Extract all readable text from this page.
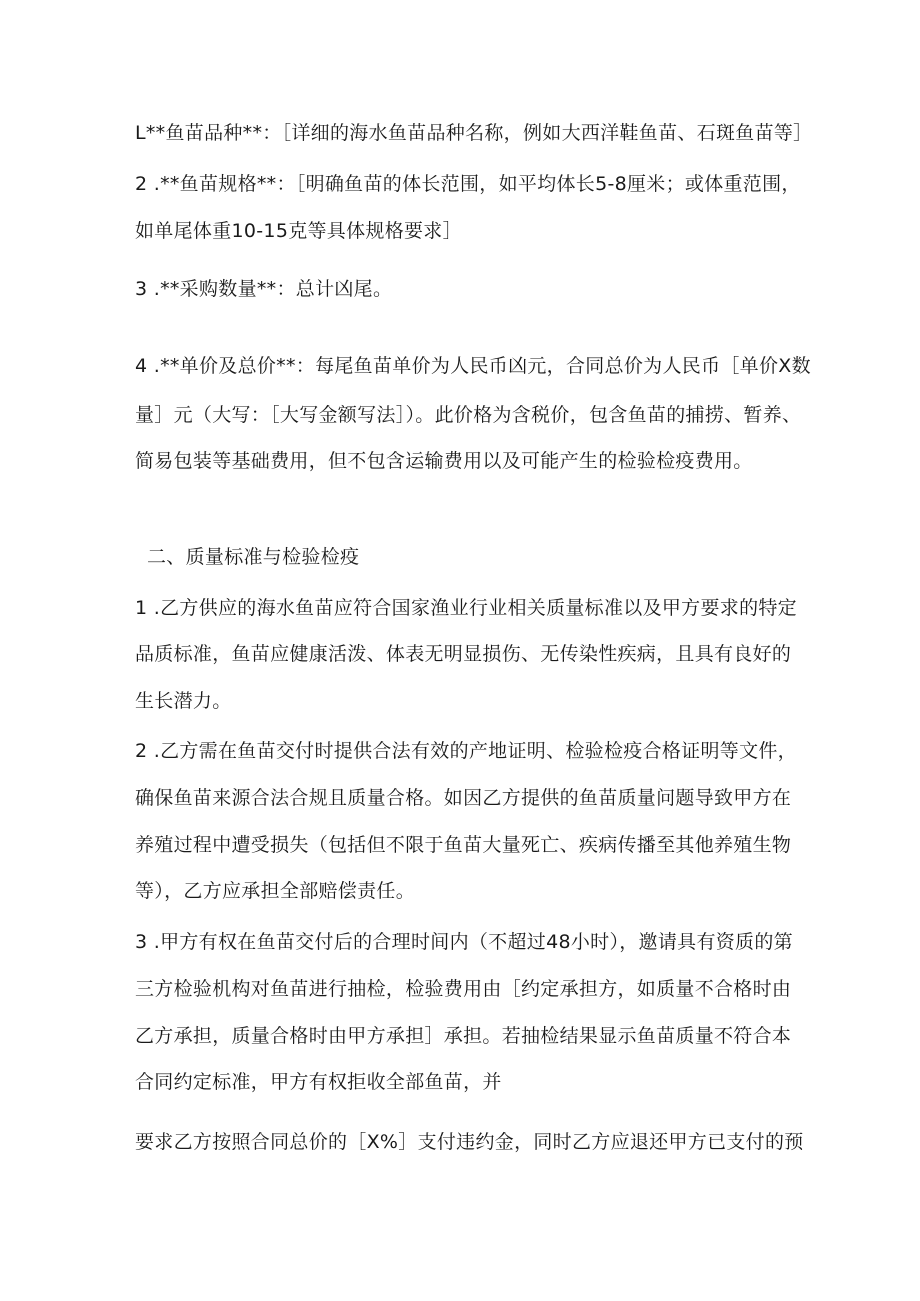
L**鱼苗品种**：［详细的海水鱼苗品种名称，例如大西洋鞋鱼苗、石斑鱼苗等］
2 .**鱼苗规格**：［明确鱼苗的体长范围，如平均体长5-8厘米；或体重范围，
如单尾体重10-15克等具体规格要求］
3 .**采购数量**：总计凶尾。
4 .**单价及总价**：每尾鱼苗单价为人民币凶元，合同总价为人民币［单价X数
量］元（大写：［大写金额写法］）。此价格为含税价，包含鱼苗的捕捞、暂养、
简易包装等基础费用，但不包含运输费用以及可能产生的检验检疫费用。
二、质量标准与检验检疫
1 .乙方供应的海水鱼苗应符合国家渔业行业相关质量标准以及甲方要求的特定
品质标准，鱼苗应健康活泼、体表无明显损伤、无传染性疾病，且具有良好的
生长潜力。
2 .乙方需在鱼苗交付时提供合法有效的产地证明、检验检疫合格证明等文件，
确保鱼苗来源合法合规且质量合格。如因乙方提供的鱼苗质量问题导致甲方在
养殖过程中遭受损失（包括但不限于鱼苗大量死亡、疾病传播至其他养殖生物
等），乙方应承担全部赔偿责任。
3 .甲方有权在鱼苗交付后的合理时间内（不超过48小时），邀请具有资质的第
三方检验机构对鱼苗进行抽检，检验费用由［约定承担方，如质量不合格时由
乙方承担，质量合格时由甲方承担］承担。若抽检结果显示鱼苗质量不符合本
合同约定标准，甲方有权拒收全部鱼苗，并
要求乙方按照合同总价的［X%］支付违约金，同时乙方应退还甲方已支付的预
